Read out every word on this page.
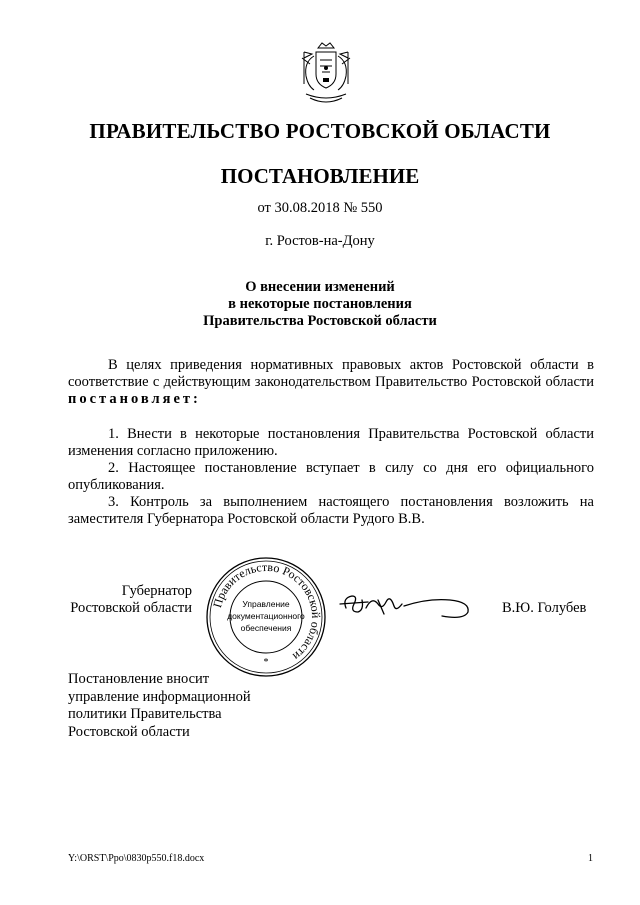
ПРАВИТЕЛЬСТВО РОСТОВСКОЙ ОБЛАСТИ
ПОСТАНОВЛЕНИЕ
от 30.08.2018 № 550
г. Ростов-на-Дону
О внесении изменений
в некоторые постановления
Правительства Ростовской области
В целях приведения нормативных правовых актов Ростовской области в соответствие с действующим законодательством Правительство Ростовской области постановляет:
1. Внести в некоторые постановления Правительства Ростовской области изменения согласно приложению.
2. Настоящее постановление вступает в силу со дня его официального опубликования.
3. Контроль за выполнением настоящего постановления возложить на заместителя Губернатора Ростовской области Рудого В.В.
Губернатор
Ростовской области Правительство Ростовской области
Управление
документационного
обеспечения
*
В.Ю. Голубев
Постановление вносит
управление информационной
политики Правительства
Ростовской области
Y:\ORST\Ppo\0830p550.f18.docx	1
